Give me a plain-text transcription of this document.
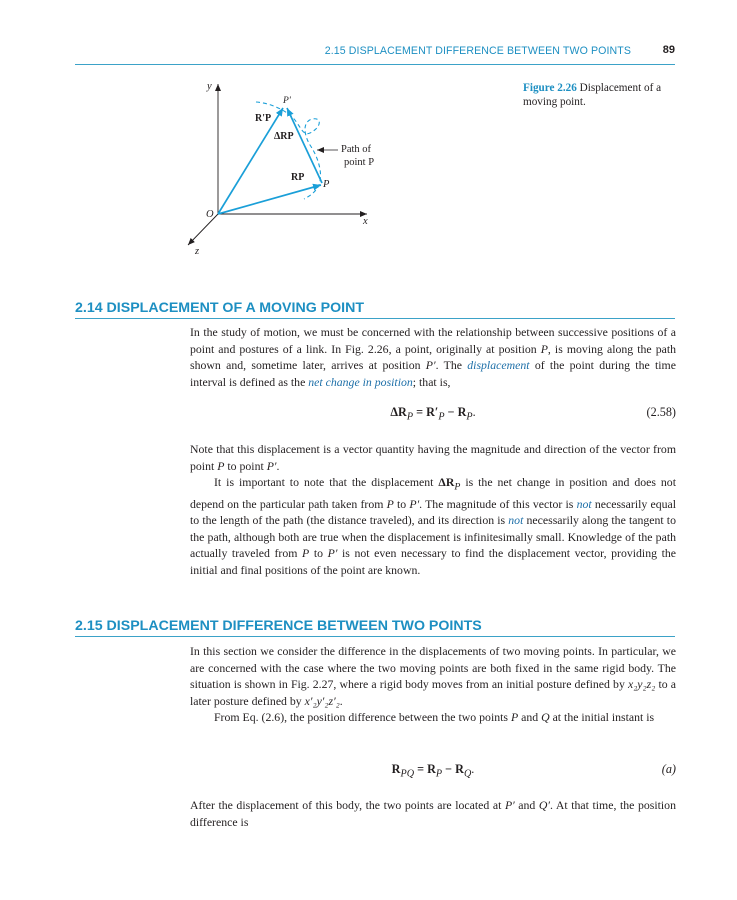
2.15 DISPLACEMENT DIFFERENCE BETWEEN TWO POINTS	89
y
x
z
O
P'
P
R'P
ΔRP
RP
Path of
point P
Figure 2.26 Displacement of a moving point.
2.14 DISPLACEMENT OF A MOVING POINT
In the study of motion, we must be concerned with the relationship between successive positions of a point and postures of a link. In Fig. 2.26, a point, originally at position P, is moving along the path shown and, sometime later, arrives at position P′. The displacement of the point during the time interval is defined as the net change in position; that is,
$\Delta R_P = R'_P - R_P$.	(2.58)
Note that this displacement is a vector quantity having the magnitude and direction of the vector from point P to point P′.
It is important to note that the displacement $\Delta R_P$ is the net change in position and does not depend on the particular path taken from P to P′. The magnitude of this vector is not necessarily equal to the length of the path (the distance traveled), and its direction is not necessarily along the tangent to the path, although both are true when the displacement is infinitesimally small. Knowledge of the path actually traveled from P to P′ is not even necessary to find the displacement vector, providing the initial and final positions of the point are known.
2.15 DISPLACEMENT DIFFERENCE BETWEEN TWO POINTS
In this section we consider the difference in the displacements of two moving points. In particular, we are concerned with the case where the two moving points are both fixed in the same rigid body. The situation is shown in Fig. 2.27, where a rigid body moves from an initial posture defined by x₂y₂z₂ to a later posture defined by x′₂y′₂z′₂.
From Eq. (2.6), the position difference between the two points P and Q at the initial instant is
$R_{PQ} = R_P - R_Q$.	(a)
After the displacement of this body, the two points are located at P′ and Q′. At that time, the position difference is
